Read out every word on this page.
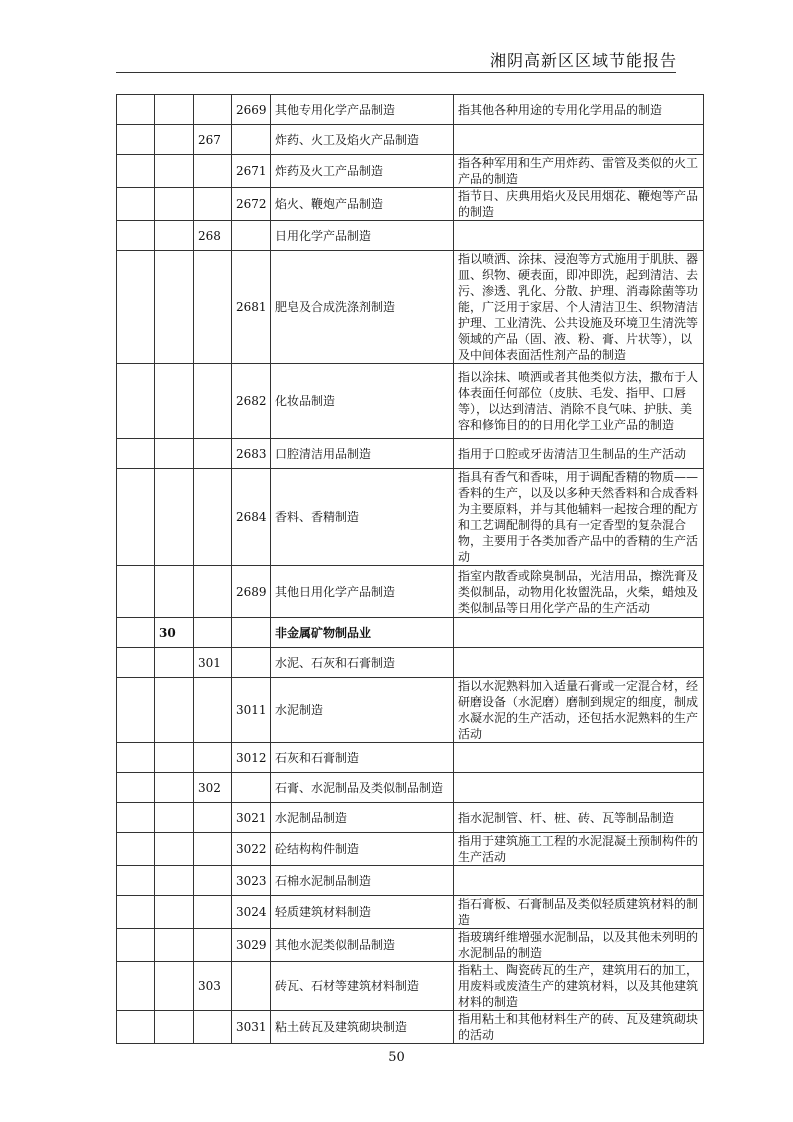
湘阴高新区区域节能报告
			2669	其他专用化学产品制造	指其他各种用途的专用化学用品的制造
		267		炸药、火工及焰火产品制造	
			2671	炸药及火工产品制造	指各种军用和生产用炸药、雷管及类似的火工产品的制造
			2672	焰火、鞭炮产品制造	指节日、庆典用焰火及民用烟花、鞭炮等产品的制造
		268		日用化学产品制造	
			2681	肥皂及合成洗涤剂制造	指以喷洒、涂抹、浸泡等方式施用于肌肤、器皿、织物、硬表面，即冲即洗，起到清洁、去污、渗透、乳化、分散、护理、消毒除菌等功能，广泛用于家居、个人清洁卫生、织物清洁护理、工业清洗、公共设施及环境卫生清洗等领域的产品（固、液、粉、膏、片状等），以及中间体表面活性剂产品的制造
			2682	化妆品制造	指以涂抹、喷洒或者其他类似方法，撒布于人体表面任何部位（皮肤、毛发、指甲、口唇等），以达到清洁、消除不良气味、护肤、美容和修饰目的的日用化学工业产品的制造
			2683	口腔清洁用品制造	指用于口腔或牙齿清洁卫生制品的生产活动
			2684	香料、香精制造	指具有香气和香味，用于调配香精的物质——香料的生产，以及以多种天然香料和合成香料为主要原料，并与其他辅料一起按合理的配方和工艺调配制得的具有一定香型的复杂混合物，主要用于各类加香产品中的香精的生产活动
			2689	其他日用化学产品制造	指室内散香或除臭制品，光洁用品，擦洗膏及类似制品，动物用化妆盥洗品，火柴，蜡烛及类似制品等日用化学产品的生产活动
	30			非金属矿物制品业	
		301		水泥、石灰和石膏制造	
			3011	水泥制造	指以水泥熟料加入适量石膏或一定混合材，经研磨设备（水泥磨）磨制到规定的细度，制成水凝水泥的生产活动，还包括水泥熟料的生产活动
			3012	石灰和石膏制造	
		302		石膏、水泥制品及类似制品制造	
			3021	水泥制品制造	指水泥制管、杆、桩、砖、瓦等制品制造
			3022	砼结构构件制造	指用于建筑施工工程的水泥混凝土预制构件的生产活动
			3023	石棉水泥制品制造	
			3024	轻质建筑材料制造	指石膏板、石膏制品及类似轻质建筑材料的制造
			3029	其他水泥类似制品制造	指玻璃纤维增强水泥制品，以及其他未列明的水泥制品的制造
		303		砖瓦、石材等建筑材料制造	指粘土、陶瓷砖瓦的生产，建筑用石的加工，用废料或废渣生产的建筑材料，以及其他建筑材料的制造
			3031	粘土砖瓦及建筑砌块制造	指用粘土和其他材料生产的砖、瓦及建筑砌块的活动
50
